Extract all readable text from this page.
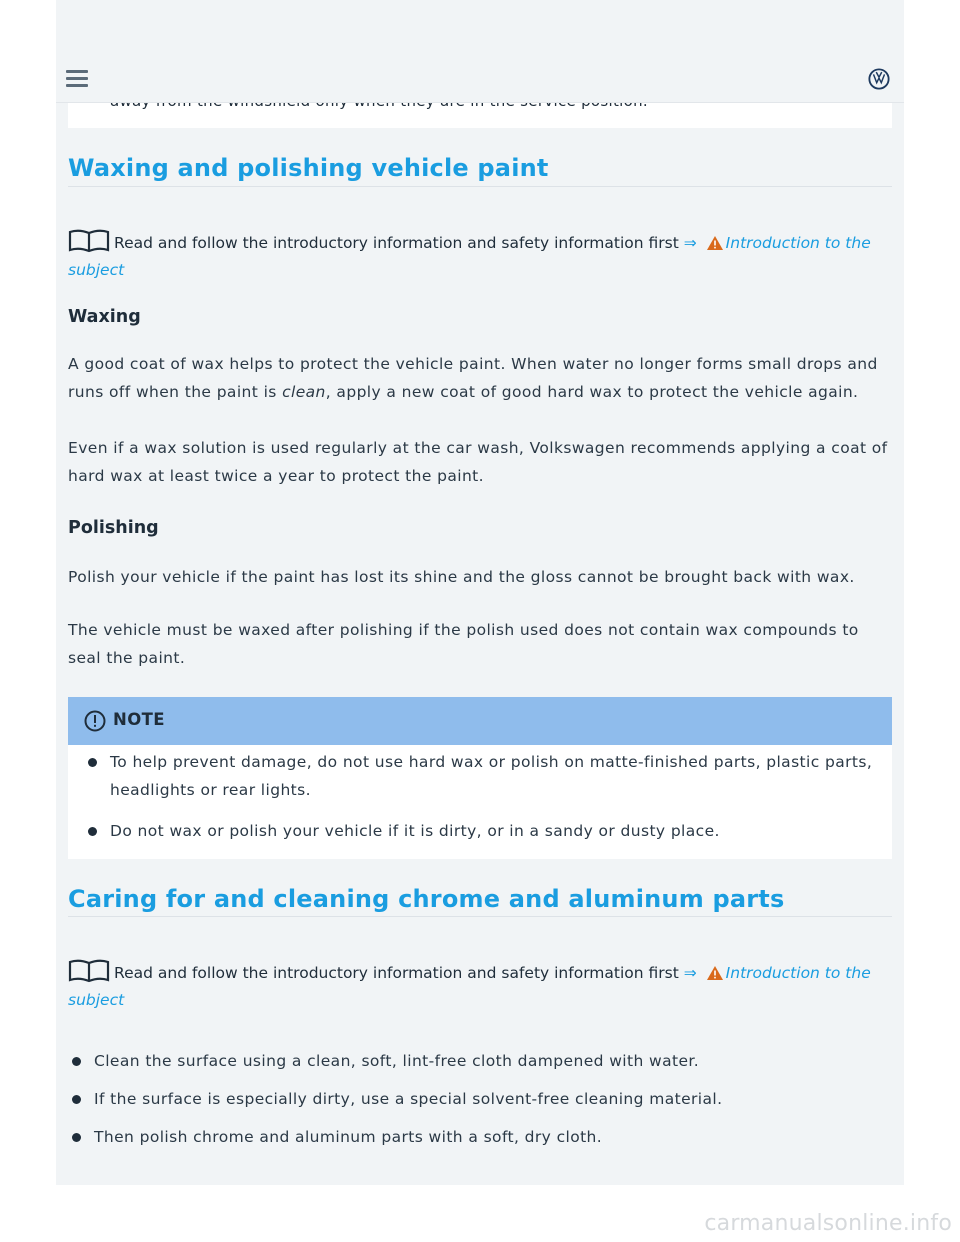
Waxing and polishing vehicle paint
Read and follow the introductory information and safety information first ⇒ Introduction to the subject
Waxing
A good coat of wax helps to protect the vehicle paint. When water no longer forms small drops and runs off when the paint is clean, apply a new coat of good hard wax to protect the vehicle again.
Even if a wax solution is used regularly at the car wash, Volkswagen recommends applying a coat of hard wax at least twice a year to protect the paint.
Polishing
Polish your vehicle if the paint has lost its shine and the gloss cannot be brought back with wax.
The vehicle must be waxed after polishing if the polish used does not contain wax compounds to seal the paint.
NOTE
To help prevent damage, do not use hard wax or polish on matte-finished parts, plastic parts, headlights or rear lights.
Do not wax or polish your vehicle if it is dirty, or in a sandy or dusty place.
Caring for and cleaning chrome and aluminum parts
Read and follow the introductory information and safety information first ⇒ Introduction to the subject
Clean the surface using a clean, soft, lint-free cloth dampened with water.
If the surface is especially dirty, use a special solvent-free cleaning material.
Then polish chrome and aluminum parts with a soft, dry cloth.
carmanualsonline.info
